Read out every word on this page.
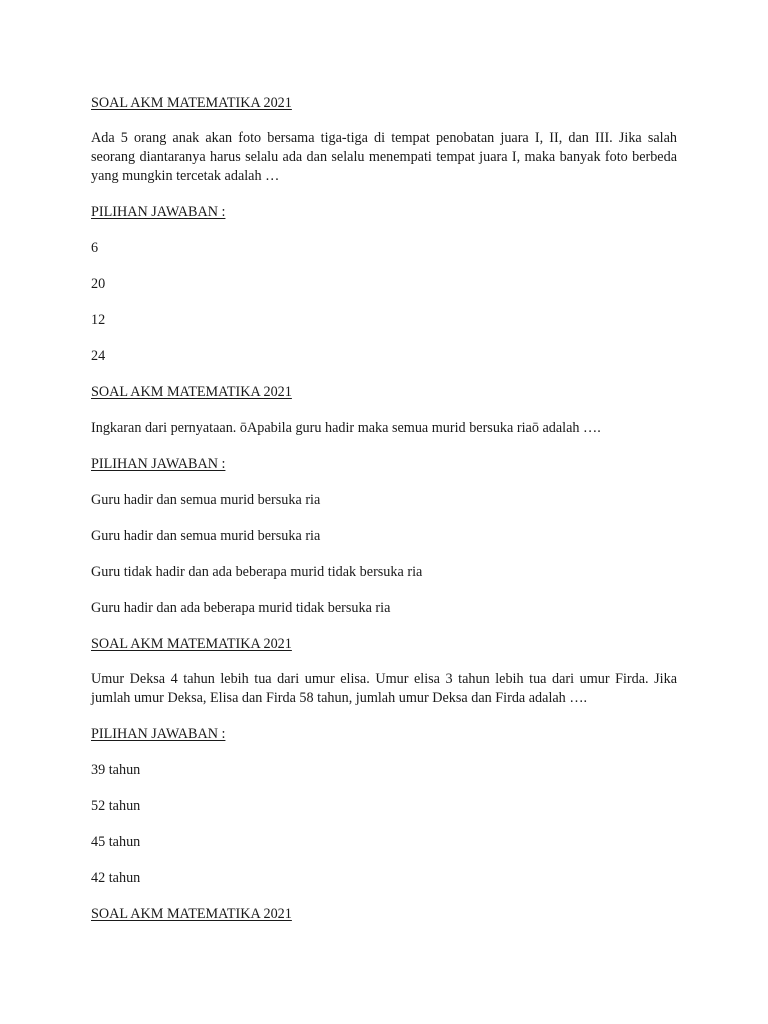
SOAL AKM MATEMATIKA 2021

Ada 5 orang anak akan foto bersama tiga-tiga di tempat penobatan juara I, II, dan III. Jika salah seorang diantaranya harus selalu ada dan selalu menempati tempat juara I, maka banyak foto berbeda yang mungkin tercetak adalah …

PILIHAN JAWABAN :

6

20

12

24

SOAL AKM MATEMATIKA 2021

Ingkaran dari pernyataan. ōApabila guru hadir maka semua murid bersuka riaō adalah ….

PILIHAN JAWABAN :

Guru hadir dan semua murid bersuka ria

Guru hadir dan semua murid bersuka ria

Guru tidak hadir dan ada beberapa murid tidak bersuka ria

Guru hadir dan ada beberapa murid tidak bersuka ria

SOAL AKM MATEMATIKA 2021

Umur Deksa 4 tahun lebih tua dari umur elisa. Umur elisa 3 tahun lebih tua dari umur Firda. Jika jumlah umur Deksa, Elisa dan Firda 58 tahun, jumlah umur Deksa dan Firda adalah ….

PILIHAN JAWABAN :

39 tahun

52 tahun

45 tahun

42 tahun

SOAL AKM MATEMATIKA 2021
